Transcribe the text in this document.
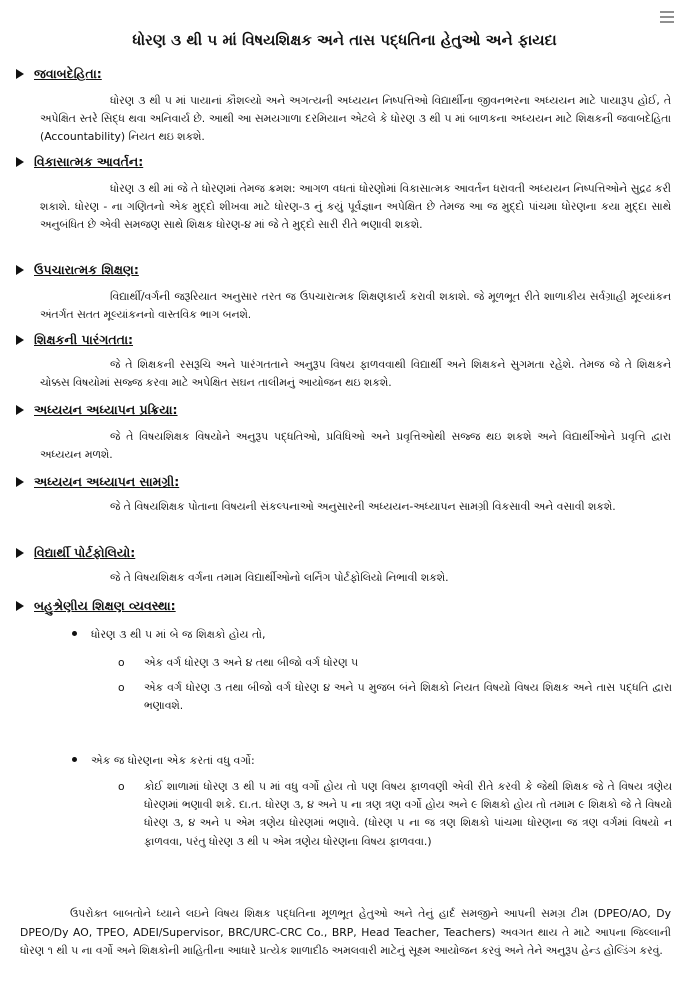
ધોરણ ૩ થી ૫ માં વિષયશિક્ષક અને તાસ પદ્ધતિના હેતુઓ અને ફાયદા
જવાબદેહિતા:
ધોરણ ૩ થી ૫ માં પાયાનાં કૌશલ્યો અને અગત્યની અધ્યયન નિષ્પત્તિઓ વિદ્યાર્થીના જીવનભરના અધ્યયન માટે પાયારૂપ હોઈ, તે અપેક્ષિત સ્તરે સિદ્ધ થવા અનિવાર્ય છે. આથી આ સમયગાળા દરમિયાન એટલે કે ધોરણ ૩ થી ૫ માં બાળકના અધ્યયન માટે શિક્ષકની જવાબદેહિતા (Accountability) નિયત થઇ શકશે.
વિકાસાત્મક આવર્તન:
ધોરણ ૩ થી માં જે તે ધોરણમાં તેમજ ક્રમશ: આગળ વધતાં ધોરણોમાં વિકાસાત્મક આવર્તન ધરાવતી અધ્યયન નિષ્પત્તિઓને સુદ્રઢ કરી શકાશે. ધોરણ - ના ગણિતનો એક મુદ્દો શીખવા માટે ધોરણ-૩ નું કયું પૂર્વજ્ઞાન અપેક્ષિત છે તેમજ આ જ મુદ્દો પાંચમા ધોરણના કયા મુદ્દા સાથે અનુબંધિત છે એવી સમજણ સાથે શિક્ષક ધોરણ-૪ માં જે તે મુદ્દો સારી રીતે ભણાવી શકશે.
ઉપચારાત્મક શિક્ષણ:
વિદ્યાર્થી/વર્ગની જરૂરિયાત અનુસાર તરત જ ઉપચારાત્મક શિક્ષણકાર્ય કરાવી શકાશે. જે મૂળભૂત રીતે શાળાકીય સર્વગ્રાહી મૂલ્યાંકન અંતર્ગત સતત મૂલ્યાંકનનો વાસ્તવિક ભાગ બનશે.
શિક્ષકની પારંગતતા:
જે તે શિક્ષકની રસરૂચિ અને પારંગતતાને અનુરૂપ વિષય ફાળવવાથી વિદ્યાર્થી અને શિક્ષકને સુગમતા રહેશે. તેમજ જે તે શિક્ષકને ચોક્કસ વિષયોમાં સજ્જ કરવા માટે અપેક્ષિત સઘન તાલીમનું આયોજન થઇ શકશે.
અધ્યયન અધ્યાપન પ્રક્રિયા:
જે તે વિષયશિક્ષક વિષયોને અનુરૂપ પદ્ધતિઓ, પ્રવિધિઓ અને પ્રવૃત્તિઓથી સજ્જ થઇ શકશે અને વિદ્યાર્થીઓને પ્રવૃત્તિ દ્વારા અધ્યયન મળશે.
અધ્યયન અધ્યાપન સામગ્રી:
જે તે વિષયશિક્ષક પોતાના વિષયની સંકલ્પનાઓ અનુસારની અધ્યયન-અધ્યાપન સામગ્રી વિકસાવી અને વસાવી શકશે.
વિદ્યાર્થી પોર્ટફોલિયો:
જે તે વિષયશિક્ષક વર્ગના તમામ વિદ્યાર્થીઓનો લર્નિંગ પોર્ટફોલિયો નિભાવી શકશે.
બહુશ્રેણીય શિક્ષણ વ્યવસ્થા:
ધોરણ ૩ થી ૫ માં બે જ શિક્ષકો હોય તો,
o એક વર્ગ ધોરણ ૩ અને ૪ તથા બીજો વર્ગ ધોરણ ૫
o એક વર્ગ ધોરણ ૩ તથા બીજો વર્ગ ધોરણ ૪ અને ૫ મુજબ બંને શિક્ષકો નિયત વિષયો વિષય શિક્ષક અને તાસ પદ્ધતિ દ્વારા ભણાવશે.
એક જ ધોરણના એક કરતાં વધુ વર્ગો:
o કોઈ શાળામાં ધોરણ ૩ થી ૫ માં વધુ વર્ગો હોય તો પણ વિષય ફાળવણી એવી રીતે કરવી કે જેથી શિક્ષક જે તે વિષય ત્રણેય ધોરણમાં ભણાવી શકે. દા.ત. ધોરણ ૩, ૪ અને ૫ ના ત્રણ ત્રણ વર્ગો હોય અને ૯ શિક્ષકો હોય તો તમામ ૯ શિક્ષકો જે તે વિષયો ધોરણ ૩, ૪ અને ૫ એમ ત્રણેય ધોરણમાં ભણાવે. (ધોરણ ૫ ના જ ત્રણ શિક્ષકો પાંચમા ધોરણના જ ત્રણ વર્ગમાં વિષયો ન ફાળવવા, પરંતુ ધોરણ ૩ થી ૫ એમ ત્રણેય ધોરણના વિષય ફાળવવા.)
ઉપરોક્ત બાબતોને ધ્યાને લઇને વિષય શિક્ષક પદ્ધતિના મૂળભૂત હેતુઓ અને તેનું હાર્દ સમજીને આપની સમગ્ર ટીમ (DPEO/AO, Dy DPEO/Dy AO, TPEO, ADEI/Supervisor, BRC/URC-CRC Co., BRP, Head Teacher, Teachers) અવગત થાય તે માટે આપના જિલ્લાની ધોરણ ૧ થી ૫ ના વર્ગો અને શિક્ષકોની માહિતીના આધારે પ્રત્યેક શાળાદીઠ અમલવારી માટેનું સૂક્ષ્મ આયોજન કરવું અને તેને અનુરૂપ હેન્ડ હોલ્ડિંગ કરવું.
